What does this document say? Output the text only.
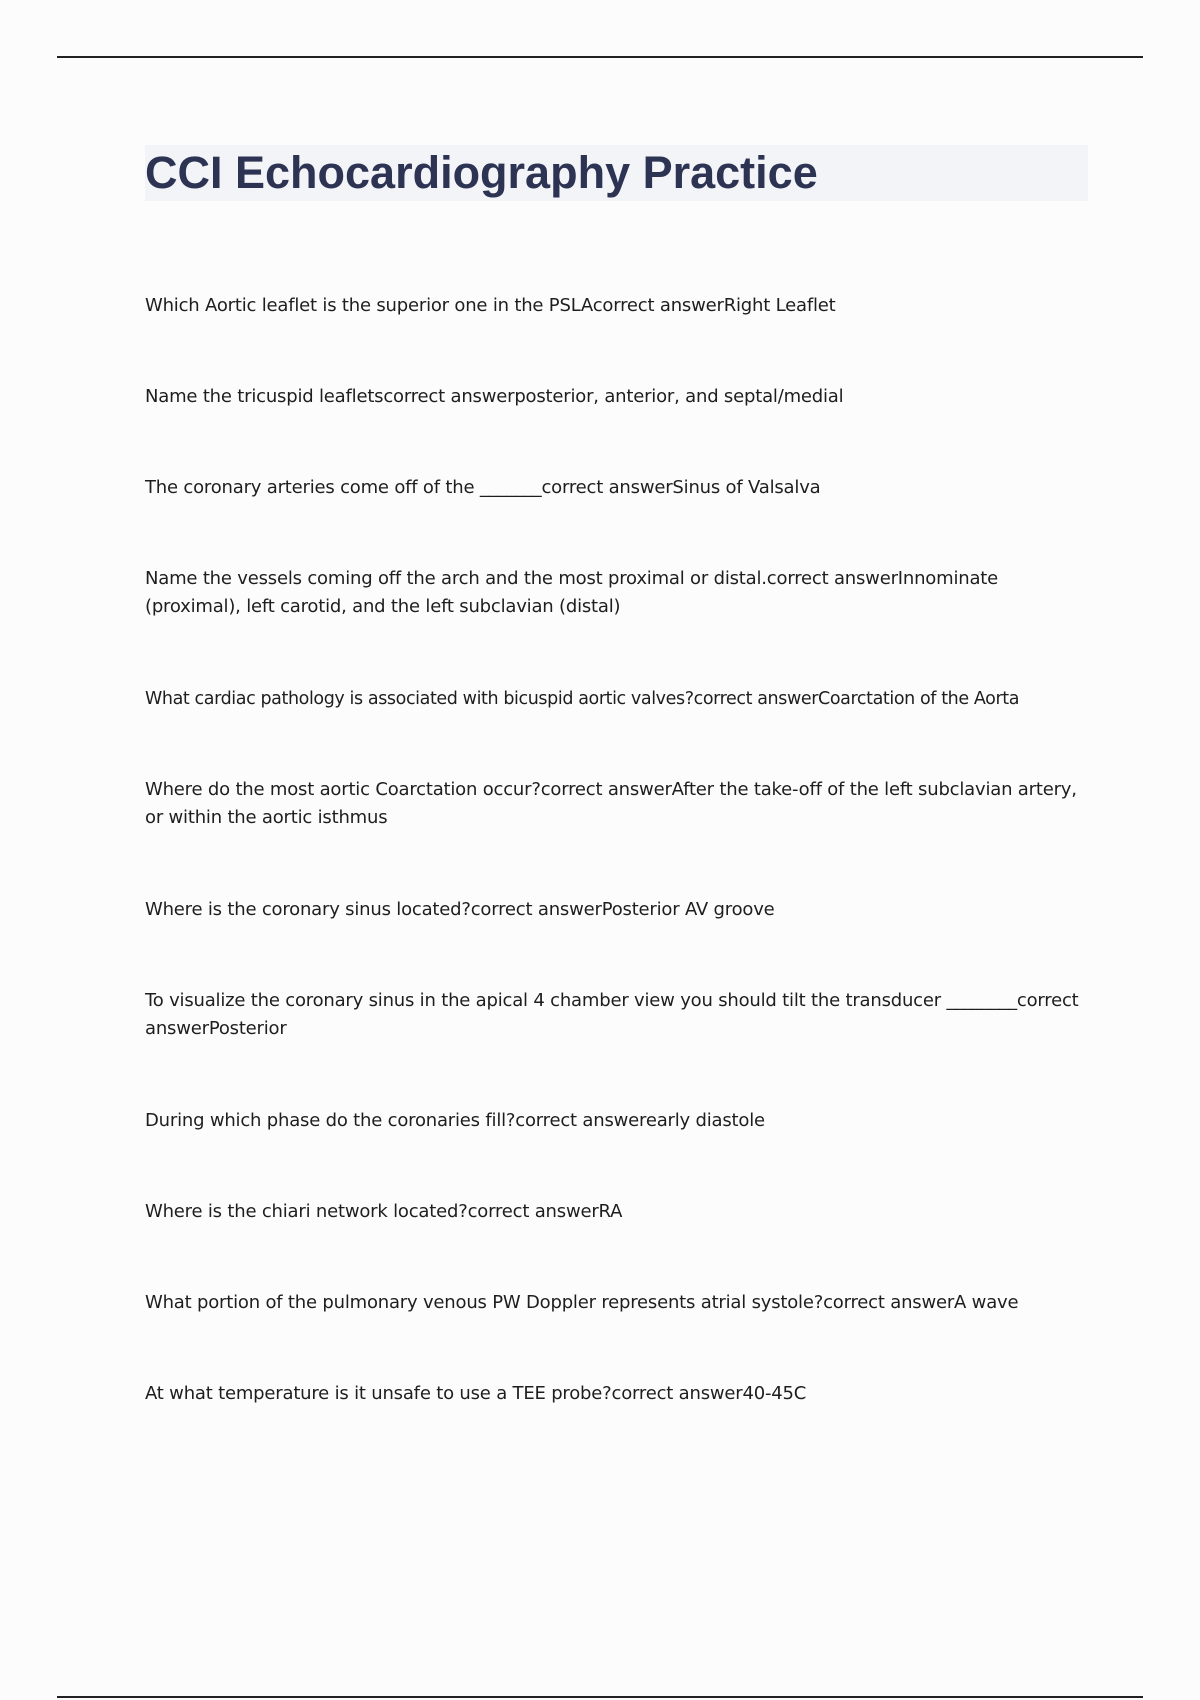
CCI Echocardiography Practice
Which Aortic leaflet is the superior one in the PSLAcorrect answerRight Leaflet
Name the tricuspid leafletscorrect answerposterior, anterior, and septal/medial
The coronary arteries come off of the _______correct answerSinus of Valsalva
Name the vessels coming off the arch and the most proximal or distal.correct answerInnominate (proximal), left carotid, and the left subclavian (distal)
What cardiac pathology is associated with bicuspid aortic valves?correct answerCoarctation of the Aorta
Where do the most aortic Coarctation occur?correct answerAfter the take-off of the left subclavian artery, or within the aortic isthmus
Where is the coronary sinus located?correct answerPosterior AV groove
To visualize the coronary sinus in the apical 4 chamber view you should tilt the transducer ________correct answerPosterior
During which phase do the coronaries fill?correct answerearly diastole
Where is the chiari network located?correct answerRA
What portion of the pulmonary venous PW Doppler represents atrial systole?correct answerA wave
At what temperature is it unsafe to use a TEE probe?correct answer40-45C
